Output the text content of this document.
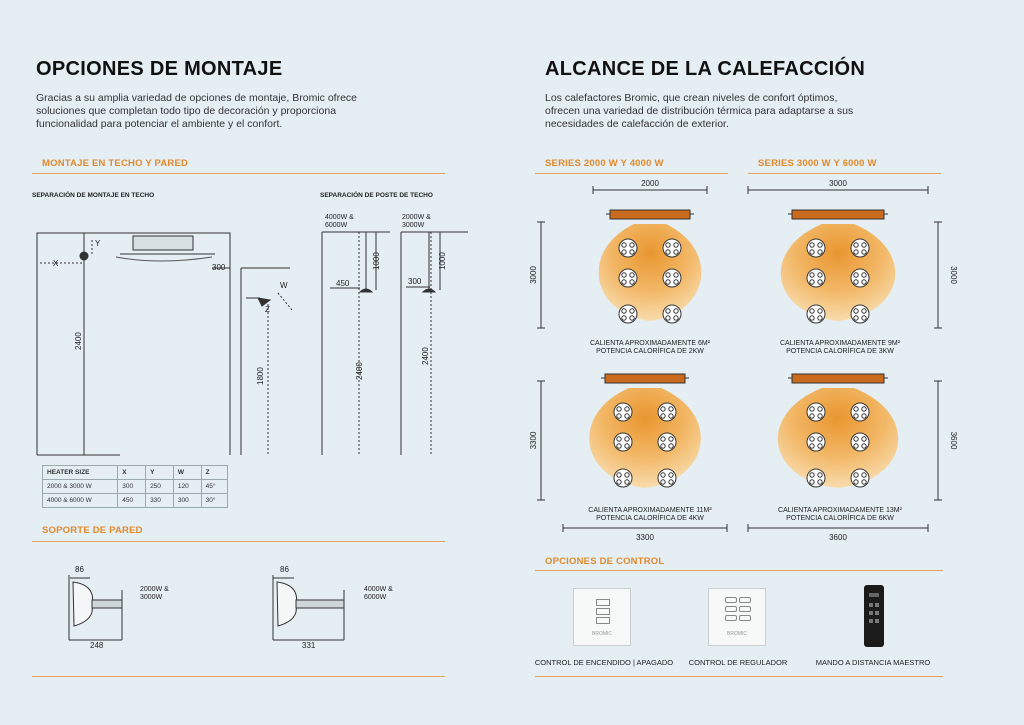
OPCIONES DE MONTAJE
Gracias a su amplia variedad de opciones de montaje, Bromic ofrece
soluciones que completan todo tipo de decoración y proporciona
funcionalidad para potenciar el ambiente y el confort.
MONTAJE EN TECHO Y PARED
SEPARACIÓN DE MONTAJE EN TECHO	SEPARACIÓN DE POSTE DE TECHO
X
Y
300
W
Z
2400
1800
450
1000
2400
300
1000
2400
4000W &
6000W
2000W &
3000W
HEATER SIZE	X	Y	W	Z
2000 & 3000 W	300	250	120	45°
4000 & 6000 W	450	330	300	30°
SOPORTE DE PARED
86
248
86
331
2000W &
3000W
4000W &
6000W
ALCANCE DE LA CALEFACCIÓN
Los calefactores Bromic, que crean niveles de confort óptimos,
ofrecen una variedad de distribución térmica para adaptarse a sus
necesidades de calefacción de exterior.
SERIES 2000 W Y 4000 W	SERIES 3000 W Y 6000 W
2000
3000
3000
3000
3300
3300
3600
3600
OPCIONES DE CONTROL
BROMIC	BROMIC
CONTROL DE ENCENDIDO | APAGADO	CONTROL DE REGULADOR	MANDO A DISTANCIA MAESTRO
CALIENTA APROXIMADAMENTE 6M²
POTENCIA CALORÍFICA DE 2KW
CALIENTA APROXIMADAMENTE 9M²
POTENCIA CALORÍFICA DE 3KW
CALIENTA APROXIMADAMENTE 11M²
POTENCIA CALORÍFICA DE 4KW
CALIENTA APROXIMADAMENTE 13M²
POTENCIA CALORÍFICA DE 6KW
